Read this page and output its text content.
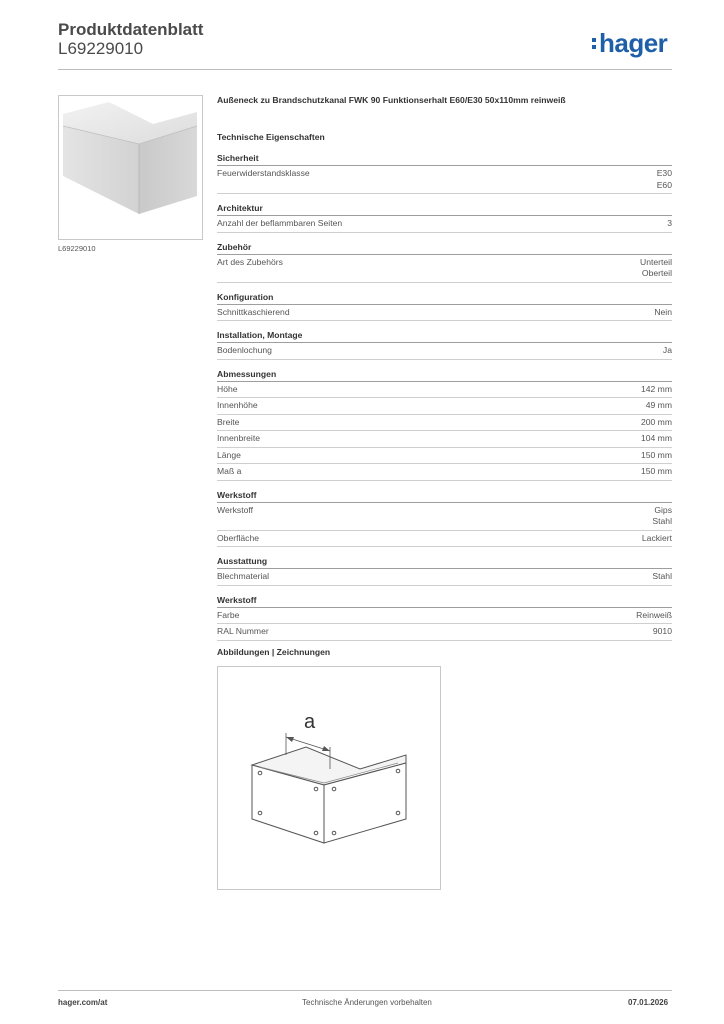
Produktdatenblatt
L69229010	hager
L69229010
Außeneck zu Brandschutzkanal FWK 90 Funktionserhalt E60/E30 50x110mm reinweiß
Technische Eigenschaften
Sicherheit
Feuerwiderstandsklasse	E30
E60
Architektur
Anzahl der beflammbaren Seiten	3
Zubehör
Art des Zubehörs	Unterteil
Oberteil
Konfiguration
Schnittkaschierend	Nein
Installation, Montage
Bodenlochung	Ja
Abmessungen
Höhe	142 mm
Innenhöhe	49 mm
Breite	200 mm
Innenbreite	104 mm
Länge	150 mm
Maß a	150 mm
Werkstoff
Werkstoff	Gips
Stahl
Oberfläche	Lackiert
Ausstattung
Blechmaterial	Stahl
Werkstoff
Farbe	Reinweiß
RAL Nummer	9010
Abbildungen | Zeichnungen
a
hager.com/at	Technische Änderungen vorbehalten	07.01.2026
